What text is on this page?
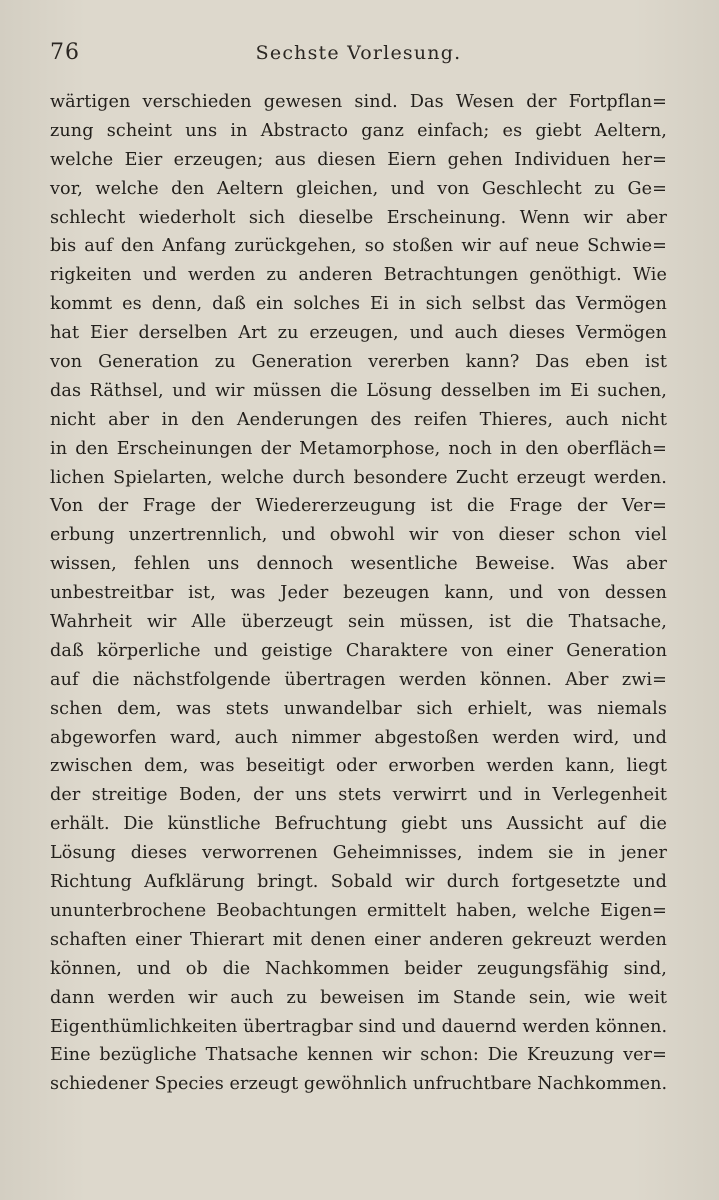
76	Sechste Vorlesung.
wärtigen verschieden gewesen sind. Das Wesen der Fortpflan=
zung scheint uns in Abstracto ganz einfach; es giebt Aeltern,
welche Eier erzeugen; aus diesen Eiern gehen Individuen her=
vor, welche den Aeltern gleichen, und von Geschlecht zu Ge=
schlecht wiederholt sich dieselbe Erscheinung. Wenn wir aber
bis auf den Anfang zurückgehen, so stoßen wir auf neue Schwie=
rigkeiten und werden zu anderen Betrachtungen genöthigt. Wie
kommt es denn, daß ein solches Ei in sich selbst das Vermögen
hat Eier derselben Art zu erzeugen, und auch dieses Vermögen
von Generation zu Generation vererben kann? Das eben ist
das Räthsel, und wir müssen die Lösung desselben im Ei suchen,
nicht aber in den Aenderungen des reifen Thieres, auch nicht
in den Erscheinungen der Metamorphose, noch in den oberfläch=
lichen Spielarten, welche durch besondere Zucht erzeugt werden.
Von der Frage der Wiedererzeugung ist die Frage der Ver=
erbung unzertrennlich, und obwohl wir von dieser schon viel
wissen, fehlen uns dennoch wesentliche Beweise. Was aber
unbestreitbar ist, was Jeder bezeugen kann, und von dessen
Wahrheit wir Alle überzeugt sein müssen, ist die Thatsache,
daß körperliche und geistige Charaktere von einer Generation
auf die nächstfolgende übertragen werden können. Aber zwi=
schen dem, was stets unwandelbar sich erhielt, was niemals
abgeworfen ward, auch nimmer abgestoßen werden wird, und
zwischen dem, was beseitigt oder erworben werden kann, liegt
der streitige Boden, der uns stets verwirrt und in Verlegenheit
erhält. Die künstliche Befruchtung giebt uns Aussicht auf die
Lösung dieses verworrenen Geheimnisses, indem sie in jener
Richtung Aufklärung bringt. Sobald wir durch fortgesetzte und
ununterbrochene Beobachtungen ermittelt haben, welche Eigen=
schaften einer Thierart mit denen einer anderen gekreuzt werden
können, und ob die Nachkommen beider zeugungsfähig sind,
dann werden wir auch zu beweisen im Stande sein, wie weit
Eigenthümlichkeiten übertragbar sind und dauernd werden können.
Eine bezügliche Thatsache kennen wir schon: Die Kreuzung ver=
schiedener Species erzeugt gewöhnlich unfruchtbare Nachkommen.
